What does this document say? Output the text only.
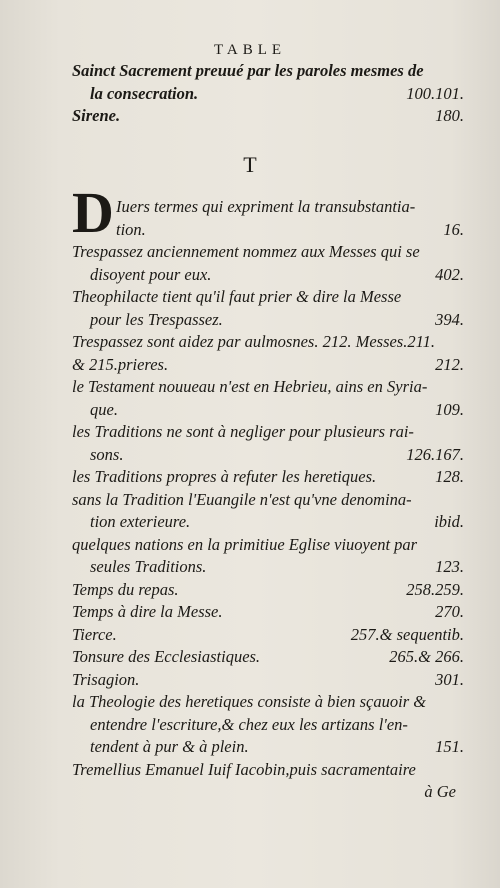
TABLE
Sainct Sacrement preuué par les paroles mesmes de
la consecration.	100.101.
Sirene.	180.
T
D Iuers termes qui expriment la transubstantia-
tion.	16.
Trespassez anciennement nommez aux Messes qui se
disoyent pour eux.	402.
Theophilacte tient qu'il faut prier & dire la Messe
pour les Trespassez.	394.
Trespassez sont aidez par aulmosnes. 212. Messes.211.
& 215.prieres.	212.
le Testament nouueau n'est en Hebrieu, ains en Syria-
que.	109.
les Traditions ne sont à negliger pour plusieurs rai-
sons.	126.167.
les Traditions propres à refuter les heretiques.	128.
sans la Tradition l'Euangile n'est qu'vne denomina-
tion exterieure.	ibid.
quelques nations en la primitiue Eglise viuoyent par
seules Traditions.	123.
Temps du repas.	258.259.
Temps à dire la Messe.	270.
Tierce.	257.& sequentib.
Tonsure des Ecclesiastiques.	265.& 266.
Trisagion.	301.
la Theologie des heretiques consiste à bien sçauoir &
entendre l'escriture,& chez eux les artizans l'en-
tendent à pur & à plein.	151.
Tremellius Emanuel Iuif Iacobin,puis sacramentaire
à Ge
